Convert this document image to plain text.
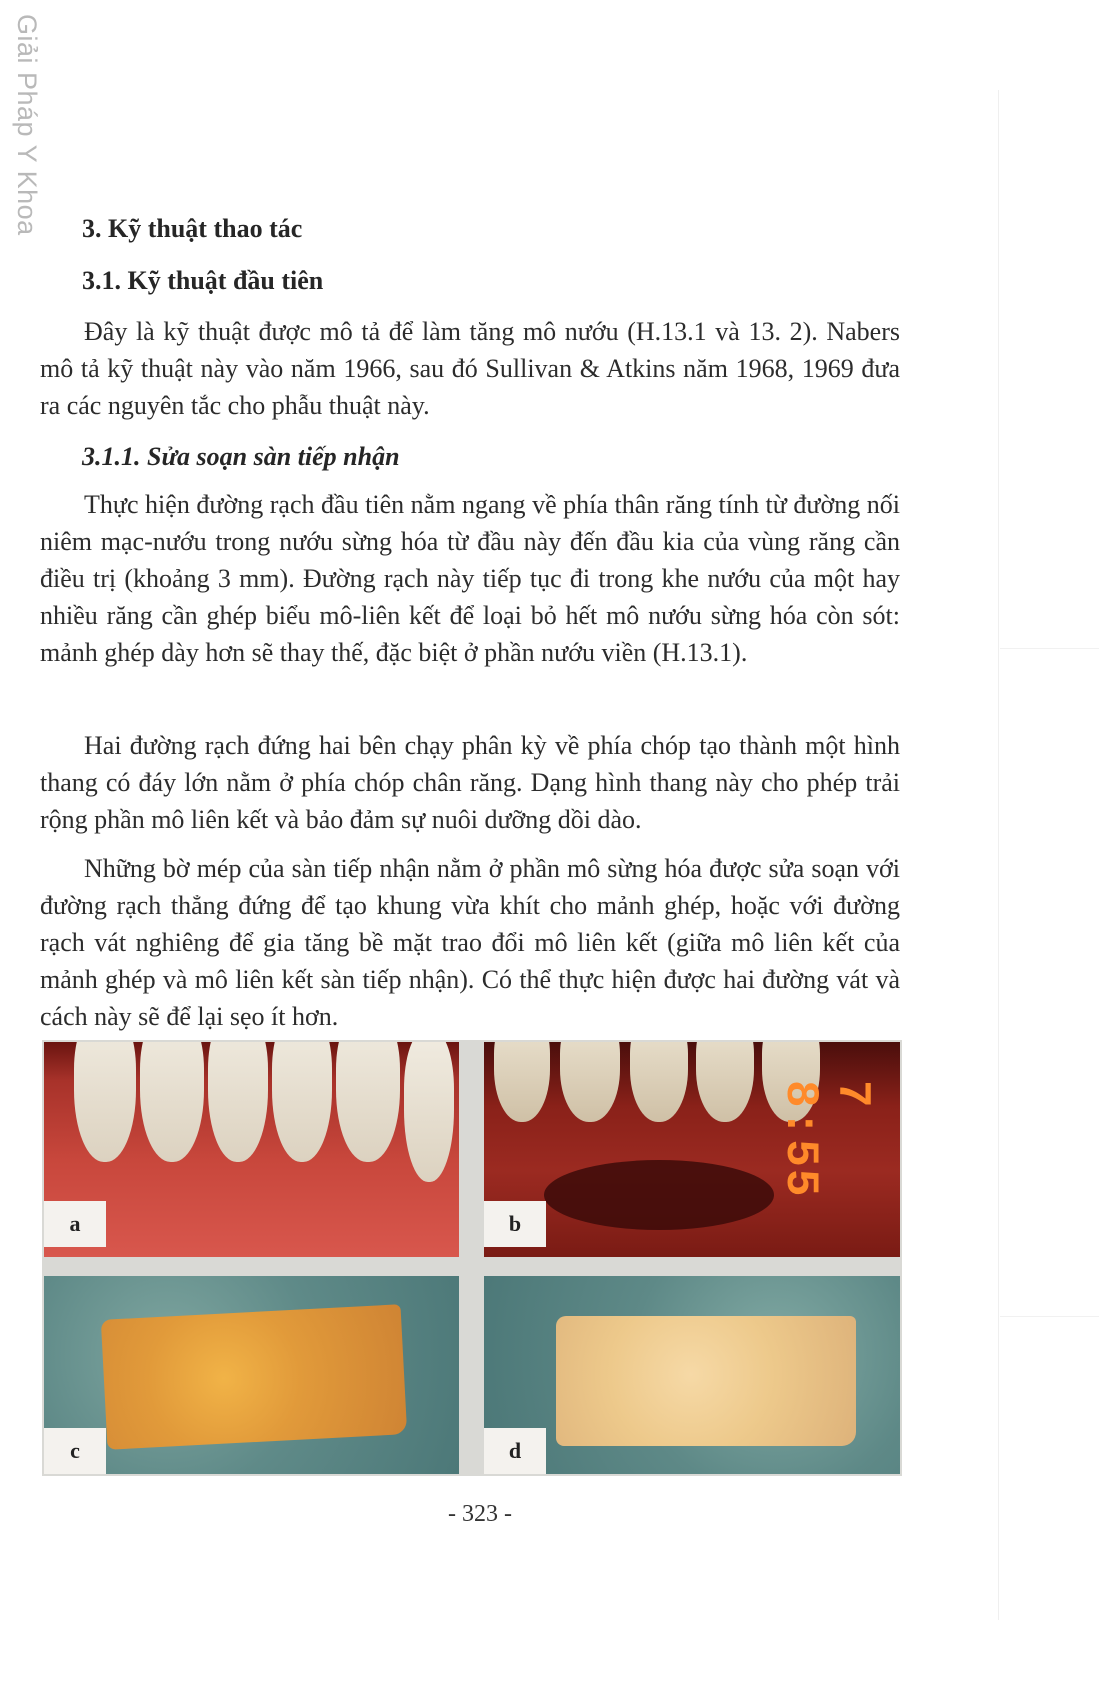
Giải Pháp Y Khoa 3. Kỹ thuật thao tác
3.1. Kỹ thuật đầu tiên

Đây là kỹ thuật được mô tả để làm tăng mô nướu (H.13.1 và 13. 2). Nabers mô tả kỹ thuật này vào năm 1966, sau đó Sullivan & Atkins năm 1968, 1969 đưa ra các nguyên tắc cho phẫu thuật này.

3.1.1. Sửa soạn sàn tiếp nhận

Thực hiện đường rạch đầu tiên nằm ngang về phía thân răng tính từ đường nối niêm mạc-nướu trong nướu sừng hóa từ đầu này đến đầu kia của vùng răng cần điều trị (khoảng 3 mm). Đường rạch này tiếp tục đi trong khe nướu của một hay nhiều răng cần ghép biểu mô-liên kết để loại bỏ hết mô nướu sừng hóa còn sót: mảnh ghép dày hơn sẽ thay thế, đặc biệt ở phần nướu viền (H.13.1).

Hai đường rạch đứng hai bên chạy phân kỳ về phía chóp tạo thành một hình thang có đáy lớn nằm ở phía chóp chân răng. Dạng hình thang này cho phép trải rộng phần mô liên kết và bảo đảm sự nuôi dưỡng dồi dào.

Những bờ mép của sàn tiếp nhận nằm ở phần mô sừng hóa được sửa soạn với đường rạch thẳng đứng để tạo khung vừa khít cho mảnh ghép, hoặc với đường rạch vát nghiêng để gia tăng bề mặt trao đổi mô liên kết (giữa mô liên kết của mảnh ghép và mô liên kết sàn tiếp nhận). Có thể thực hiện được hai đường vát và cách này sẽ để lại sẹo ít hơn.

a
7 8:55
b
c	d
- 323 -
